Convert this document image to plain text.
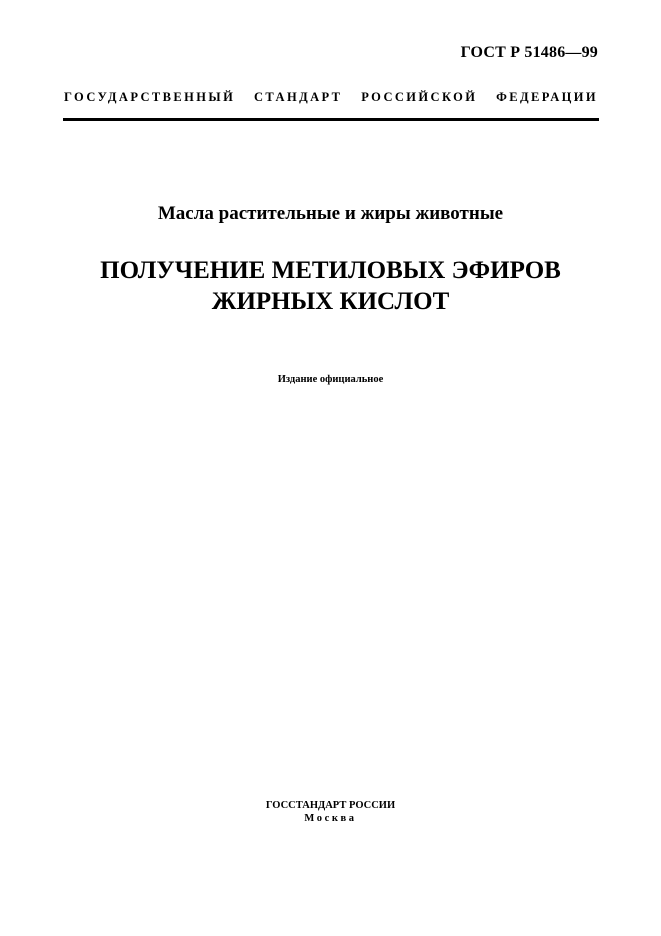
ГОСТ Р 51486—99
ГОСУДАРСТВЕННЫЙ СТАНДАРТ РОССИЙСКОЙ ФЕДЕРАЦИИ
Масла растительные и жиры животные
ПОЛУЧЕНИЕ МЕТИЛОВЫХ ЭФИРОВ
ЖИРНЫХ КИСЛОТ
Издание официальное
ГОССТАНДАРТ РОССИИ
Москва
